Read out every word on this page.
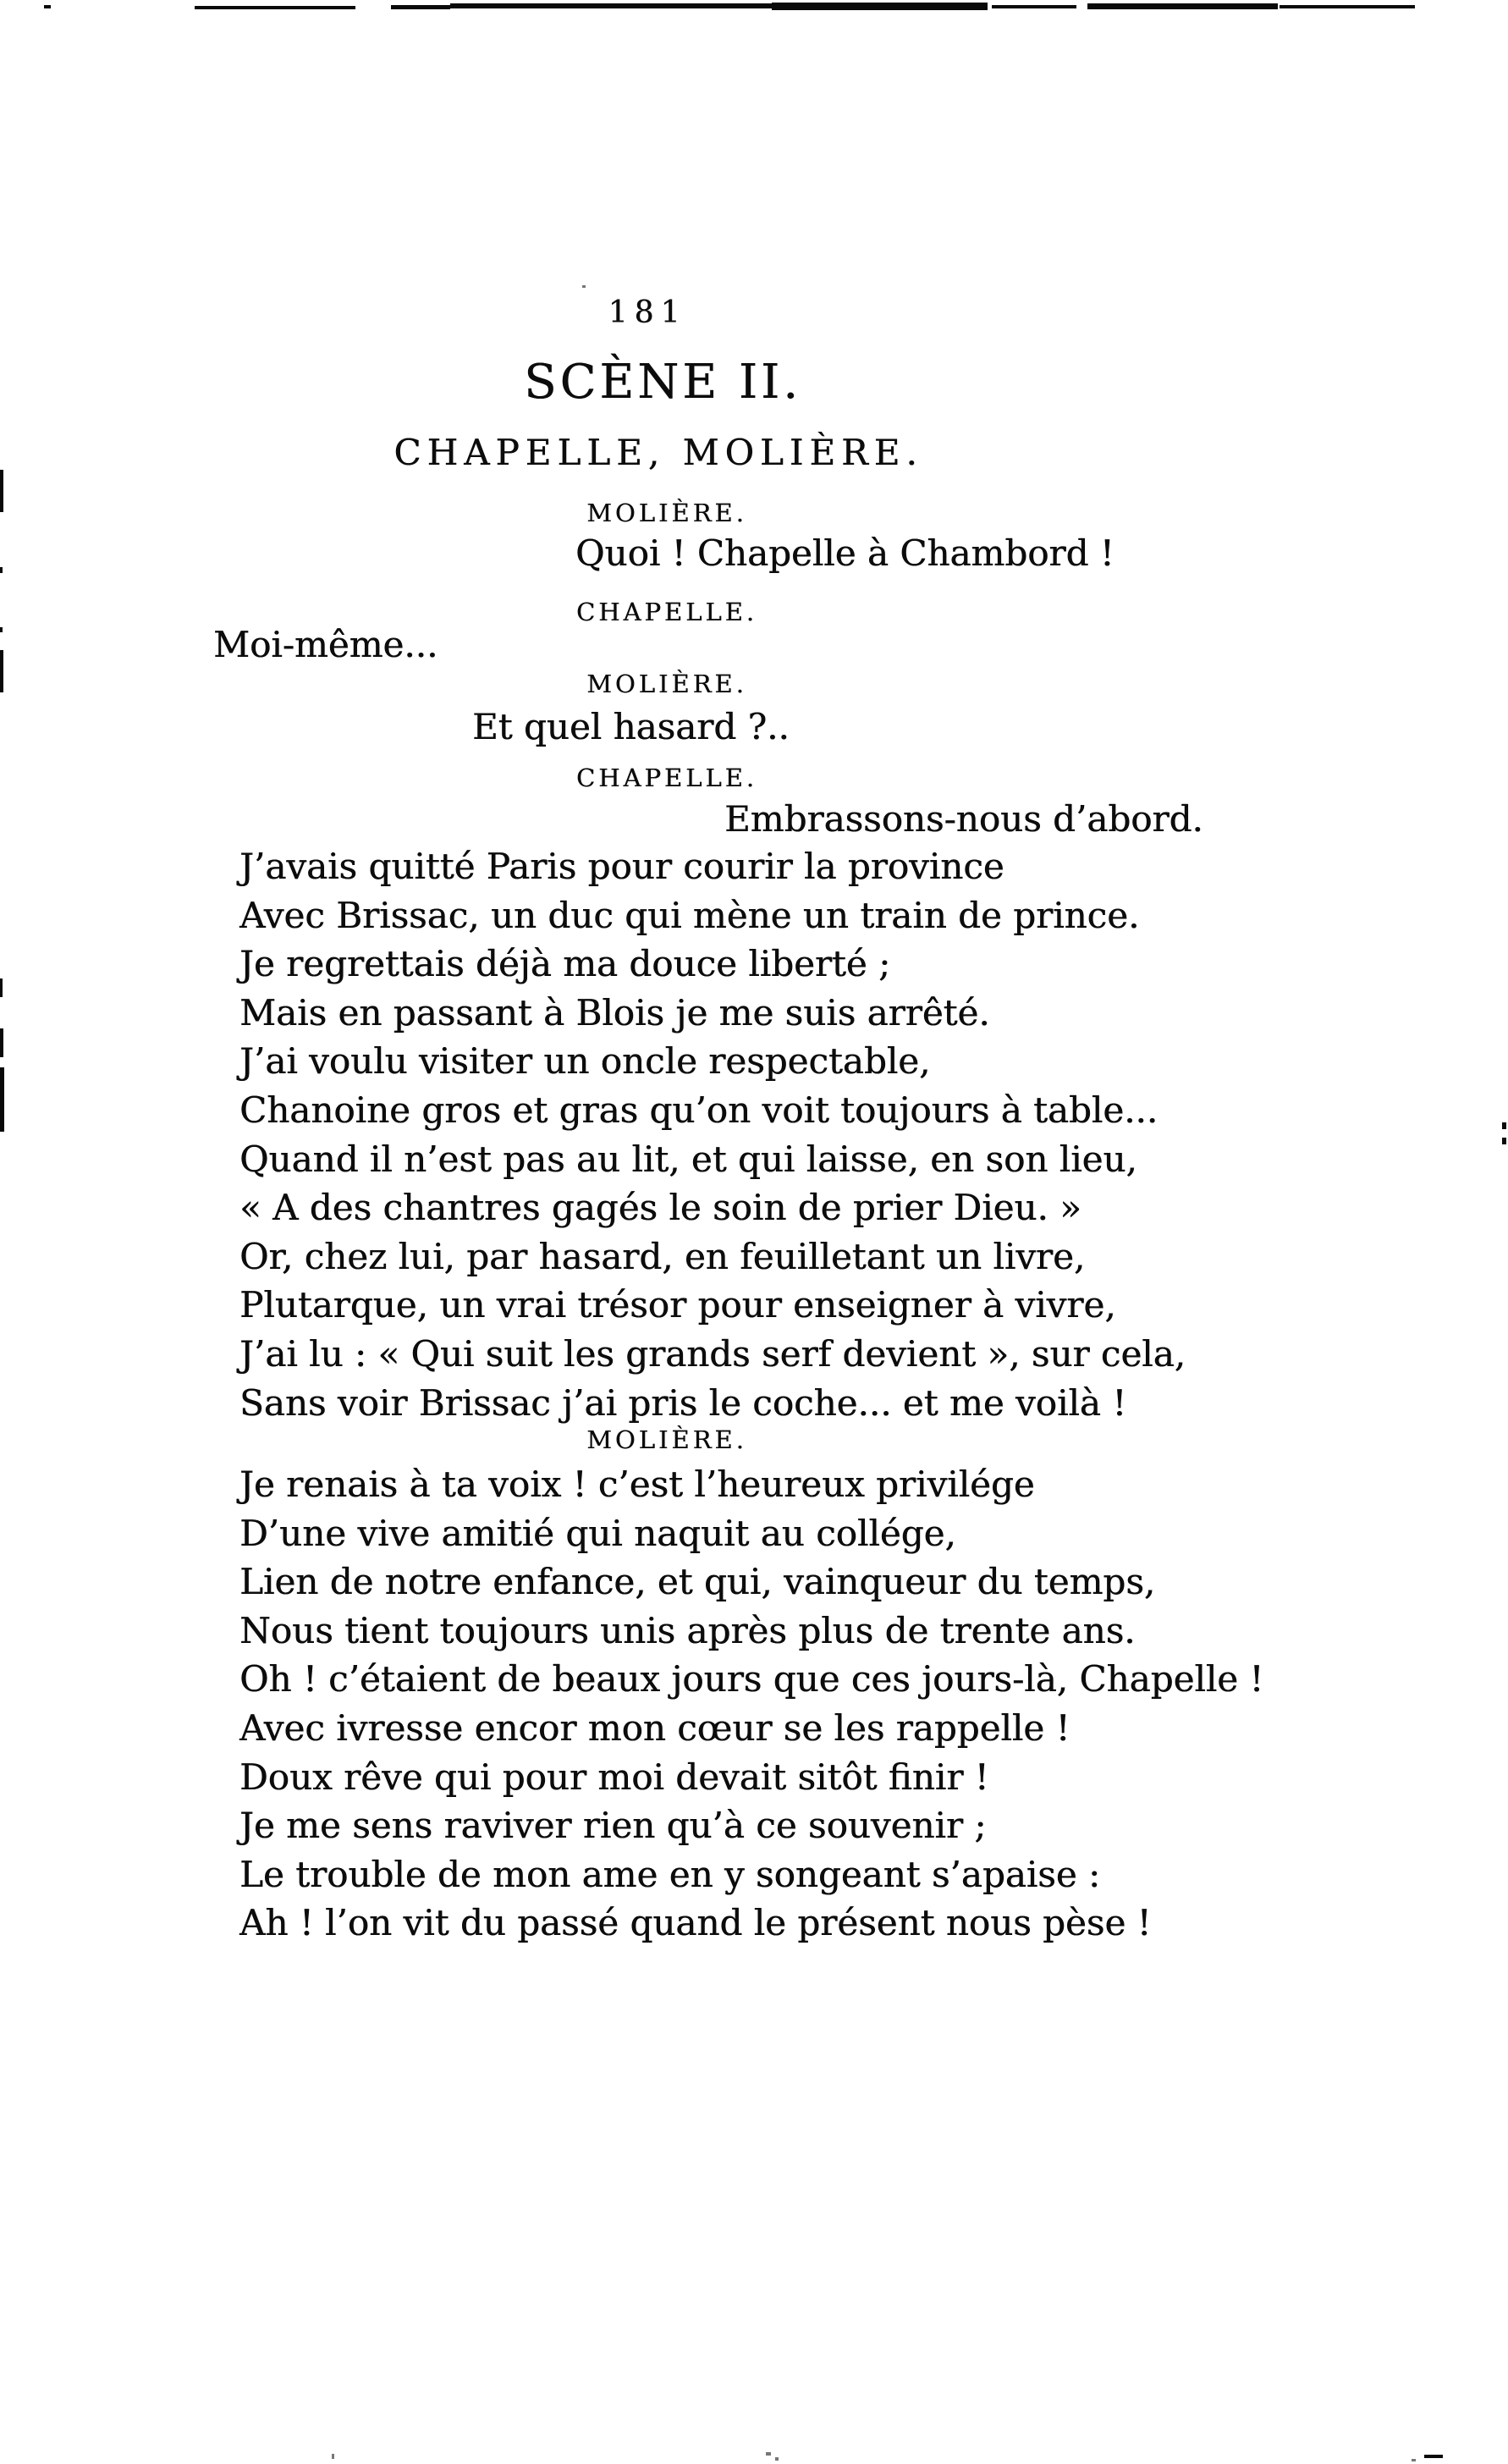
181
SCÈNE II.
CHAPELLE, MOLIÈRE.
MOLIÈRE.
Quoi ! Chapelle à Chambord !
CHAPELLE.
Moi-même...
MOLIÈRE.
Et quel hasard ?..
CHAPELLE.
Embrassons-nous d’abord.
J’avais quitté Paris pour courir la province
Avec Brissac, un duc qui mène un train de prince.
Je regrettais déjà ma douce liberté ;
Mais en passant à Blois je me suis arrêté.
J’ai voulu visiter un oncle respectable,
Chanoine gros et gras qu’on voit toujours à table...
Quand il n’est pas au lit, et qui laisse, en son lieu,
« A des chantres gagés le soin de prier Dieu. »
Or, chez lui, par hasard, en feuilletant un livre,
Plutarque, un vrai trésor pour enseigner à vivre,
J’ai lu : « Qui suit les grands serf devient », sur cela,
Sans voir Brissac j’ai pris le coche... et me voilà !
MOLIÈRE.
Je renais à ta voix ! c’est l’heureux privilége
D’une vive amitié qui naquit au collége,
Lien de notre enfance, et qui, vainqueur du temps,
Nous tient toujours unis après plus de trente ans.
Oh ! c’étaient de beaux jours que ces jours-là, Chapelle !
Avec ivresse encor mon cœur se les rappelle !
Doux rêve qui pour moi devait sitôt finir !
Je me sens raviver rien qu’à ce souvenir ;
Le trouble de mon ame en y songeant s’apaise :
Ah ! l’on vit du passé quand le présent nous pèse !
